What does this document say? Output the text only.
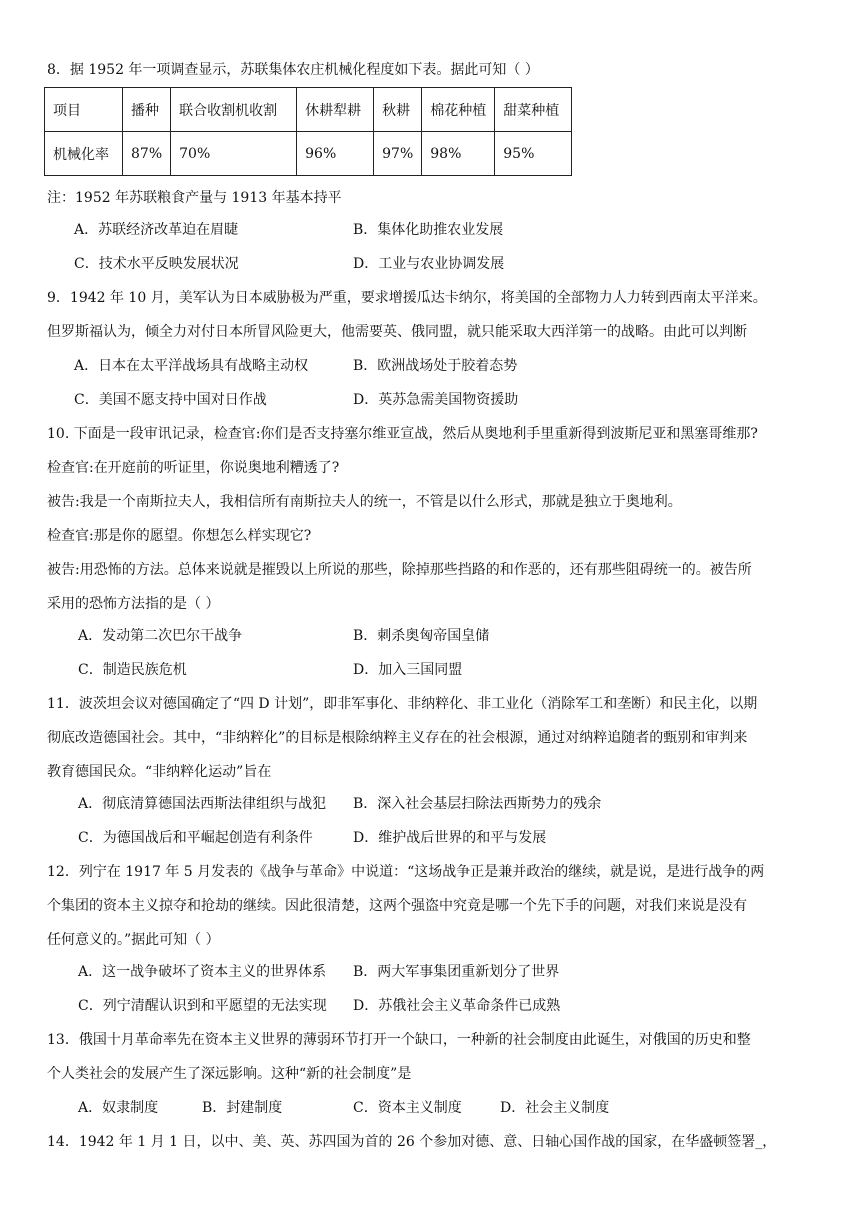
8．据 1952 年一项调查显示，苏联集体农庄机械化程度如下表。据此可知（ ）
项目	播种	联合收割机收割	休耕犁耕	秋耕	棉花种植	甜菜种植
机械化率	87%	70%	96%	97%	98%	95%
注：1952 年苏联粮食产量与 1913 年基本持平
A．苏联经济改革迫在眉睫	B．集体化助推农业发展
C．技术水平反映发展状况	D．工业与农业协调发展
9．1942 年 10 月，美军认为日本威胁极为严重，要求增援瓜达卡纳尔，将美国的全部物力人力转到西南太平洋来。
但罗斯福认为，倾全力对付日本所冒风险更大，他需要英、俄同盟，就只能采取大西洋第一的战略。由此可以判断
A．日本在太平洋战场具有战略主动权	B．欧洲战场处于胶着态势
C．美国不愿支持中国对日作战	D．英苏急需美国物资援助
10. 下面是一段审讯记录，检查官:你们是否支持塞尔维亚宣战，然后从奥地利手里重新得到波斯尼亚和黑塞哥维那?
检查官:在开庭前的听证里，你说奥地利糟透了?
被告:我是一个南斯拉夫人，我相信所有南斯拉夫人的统一，不管是以什么形式，那就是独立于奥地利。
检查官:那是你的愿望。你想怎么样实现它?
被告:用恐怖的方法。总体来说就是摧毁以上所说的那些，除掉那些挡路的和作恶的，还有那些阻碍统一的。被告所
采用的恐怖方法指的是（ ）
A．发动第二次巴尔干战争	B．刺杀奥匈帝国皇储
C．制造民族危机	D．加入三国同盟
11．波茨坦会议对德国确定了“四 D 计划”，即非军事化、非纳粹化、非工业化（消除军工和垄断）和民主化，以期
彻底改造德国社会。其中，“非纳粹化”的目标是根除纳粹主义存在的社会根源，通过对纳粹追随者的甄别和审判来
教育德国民众。“非纳粹化运动”旨在
A．彻底清算德国法西斯法律组织与战犯 B．深入社会基层扫除法西斯势力的残余
C．为德国战后和平崛起创造有利条件	D．维护战后世界的和平与发展
12．列宁在 1917 年 5 月发表的《战争与革命》中说道：“这场战争正是兼并政治的继续，就是说，是进行战争的两
个集团的资本主义掠夺和抢劫的继续。因此很清楚，这两个强盗中究竟是哪一个先下手的问题，对我们来说是没有
任何意义的。”据此可知（ ）
A．这一战争破坏了资本主义的世界体系 B．两大军事集团重新划分了世界
C．列宁清醒认识到和平愿望的无法实现 D．苏俄社会主义革命条件已成熟
13．俄国十月革命率先在资本主义世界的薄弱环节打开一个缺口，一种新的社会制度由此诞生，对俄国的历史和整
个人类社会的发展产生了深远影响。这种“新的社会制度”是
A．奴隶制度	B．封建制度	C．资本主义制度	D．社会主义制度
14．1942 年 1 月 1 日，以中、美、英、苏四国为首的 26 个参加对德、意、日轴心国作战的国家，在华盛顿签署_，
